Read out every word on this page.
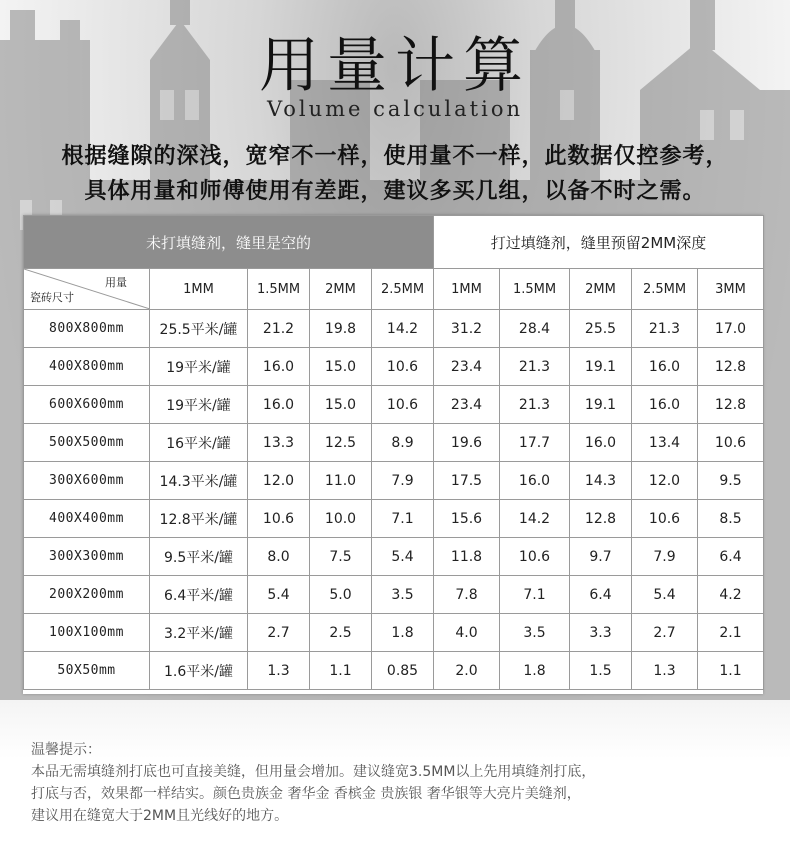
用量计算
Volume calculation
根据缝隙的深浅，宽窄不一样，使用量不一样，此数据仅控参考，
具体用量和师傅使用有差距，建议多买几组，以备不时之需。
未打填缝剂，缝里是空的					打过填缝剂，缝里预留2MM深度				

用量
瓷砖尺寸	1MM	1.5MM	2MM	2.5MM	1MM	1.5MM	2MM	2.5MM	3MM
800X800mm	25.5平米/罐	21.2	19.8	14.2	31.2	28.4	25.5	21.3	17.0
400X800mm	19平米/罐	16.0	15.0	10.6	23.4	21.3	19.1	16.0	12.8
600X600mm	19平米/罐	16.0	15.0	10.6	23.4	21.3	19.1	16.0	12.8
500X500mm	16平米/罐	13.3	12.5	8.9	19.6	17.7	16.0	13.4	10.6
300X600mm	14.3平米/罐	12.0	11.0	7.9	17.5	16.0	14.3	12.0	9.5
400X400mm	12.8平米/罐	10.6	10.0	7.1	15.6	14.2	12.8	10.6	8.5
300X300mm	9.5平米/罐	8.0	7.5	5.4	11.8	10.6	9.7	7.9	6.4
200X200mm	6.4平米/罐	5.4	5.0	3.5	7.8	7.1	6.4	5.4	4.2
100X100mm	3.2平米/罐	2.7	2.5	1.8	4.0	3.5	3.3	2.7	2.1
50X50mm	1.6平米/罐	1.3	1.1	0.85	2.0	1.8	1.5	1.3	1.1
温馨提示：
本品无需填缝剂打底也可直接美缝，但用量会增加。建议缝宽3.5MM以上先用填缝剂打底，
打底与否，效果都一样结实。颜色贵族金 奢华金 香槟金 贵族银 奢华银等大亮片美缝剂，
建议用在缝宽大于2MM且光线好的地方。
